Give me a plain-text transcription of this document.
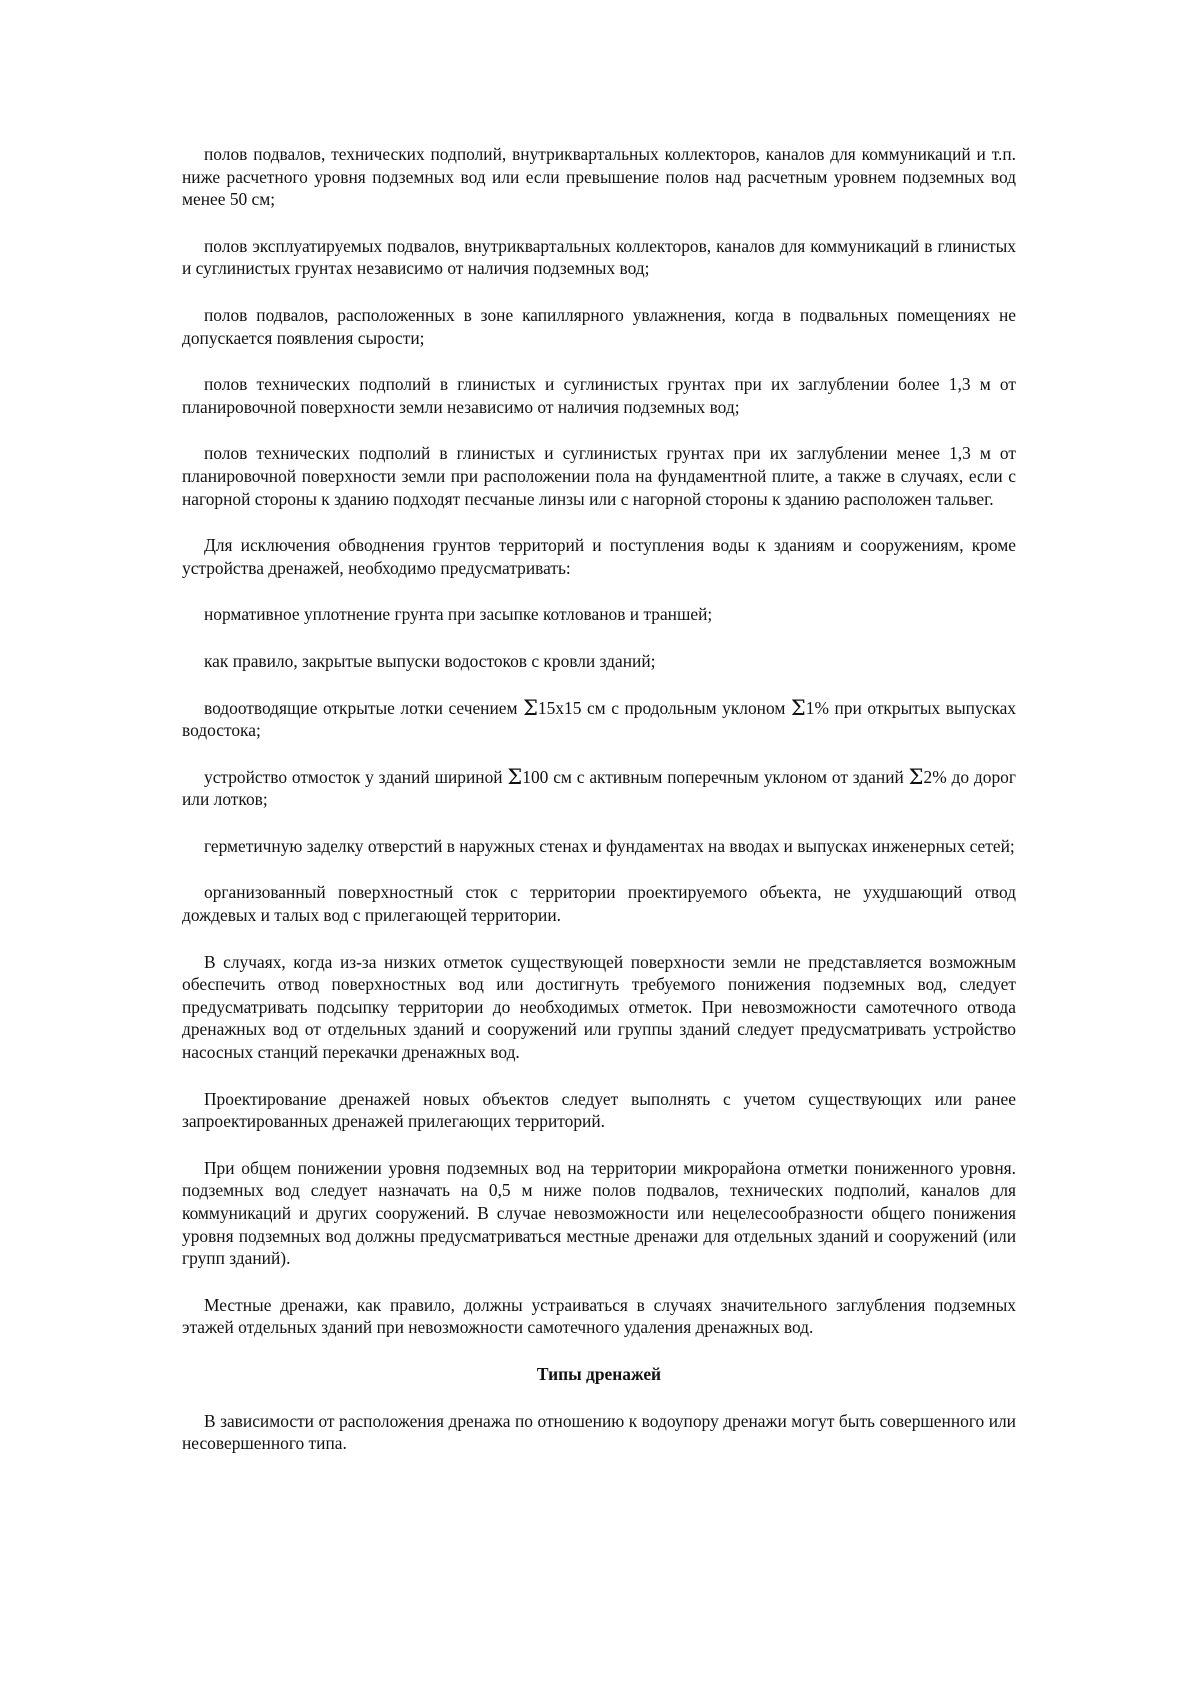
полов подвалов, технических подполий, внутриквартальных коллекторов, каналов для коммуникаций и т.п. ниже расчетного уровня подземных вод или если превышение полов над расчетным уровнем подземных вод менее 50 см;

полов эксплуатируемых подвалов, внутриквартальных коллекторов, каналов для коммуникаций в глинистых и суглинистых грунтах независимо от наличия подземных вод;

полов подвалов, расположенных в зоне капиллярного увлажнения, когда в подвальных помещениях не допускается появления сырости;

полов технических подполий в глинистых и суглинистых грунтах при их заглублении более 1,3 м от планировочной поверхности земли независимо от наличия подземных вод;

полов технических подполий в глинистых и суглинистых грунтах при их заглублении менее 1,3 м от планировочной поверхности земли при расположении пола на фундаментной плите, а также в случаях, если с нагорной стороны к зданию подходят песчаные линзы или с нагорной стороны к зданию расположен тальвег.

Для исключения обводнения грунтов территорий и поступления воды к зданиям и сооружениям, кроме устройства дренажей, необходимо предусматривать:

нормативное уплотнение грунта при засыпке котлованов и траншей;

как правило, закрытые выпуски водостоков с кровли зданий;

водоотводящие открытые лотки сечением Σ15x15 см с продольным уклоном Σ1% при открытых выпусках водостока;

устройство отмосток у зданий шириной Σ100 см с активным поперечным уклоном от зданий Σ2% до дорог или лотков;

герметичную заделку отверстий в наружных стенах и фундаментах на вводах и выпусках инженерных сетей;

организованный поверхностный сток с территории проектируемого объекта, не ухудшающий отвод дождевых и талых вод с прилегающей территории.

В случаях, когда из-за низких отметок существующей поверхности земли не представляется возможным обеспечить отвод поверхностных вод или достигнуть требуемого понижения подземных вод, следует предусматривать подсыпку территории до необходимых отметок. При невозможности самотечного отвода дренажных вод от отдельных зданий и сооружений или группы зданий следует предусматривать устройство насосных станций перекачки дренажных вод.

Проектирование дренажей новых объектов следует выполнять с учетом существующих или ранее запроектированных дренажей прилегающих территорий.

При общем понижении уровня подземных вод на территории микрорайона отметки пониженного уровня. подземных вод следует назначать на 0,5 м ниже полов подвалов, технических подполий, каналов для коммуникаций и других сооружений. В случае невозможности или нецелесообразности общего понижения уровня подземных вод должны предусматриваться местные дренажи для отдельных зданий и сооружений (или групп зданий).

Местные дренажи, как правило, должны устраиваться в случаях значительного заглубления подземных этажей отдельных зданий при невозможности самотечного удаления дренажных вод.

Типы дренажей

В зависимости от расположения дренажа по отношению к водоупору дренажи могут быть совершенного или несовершенного типа.
